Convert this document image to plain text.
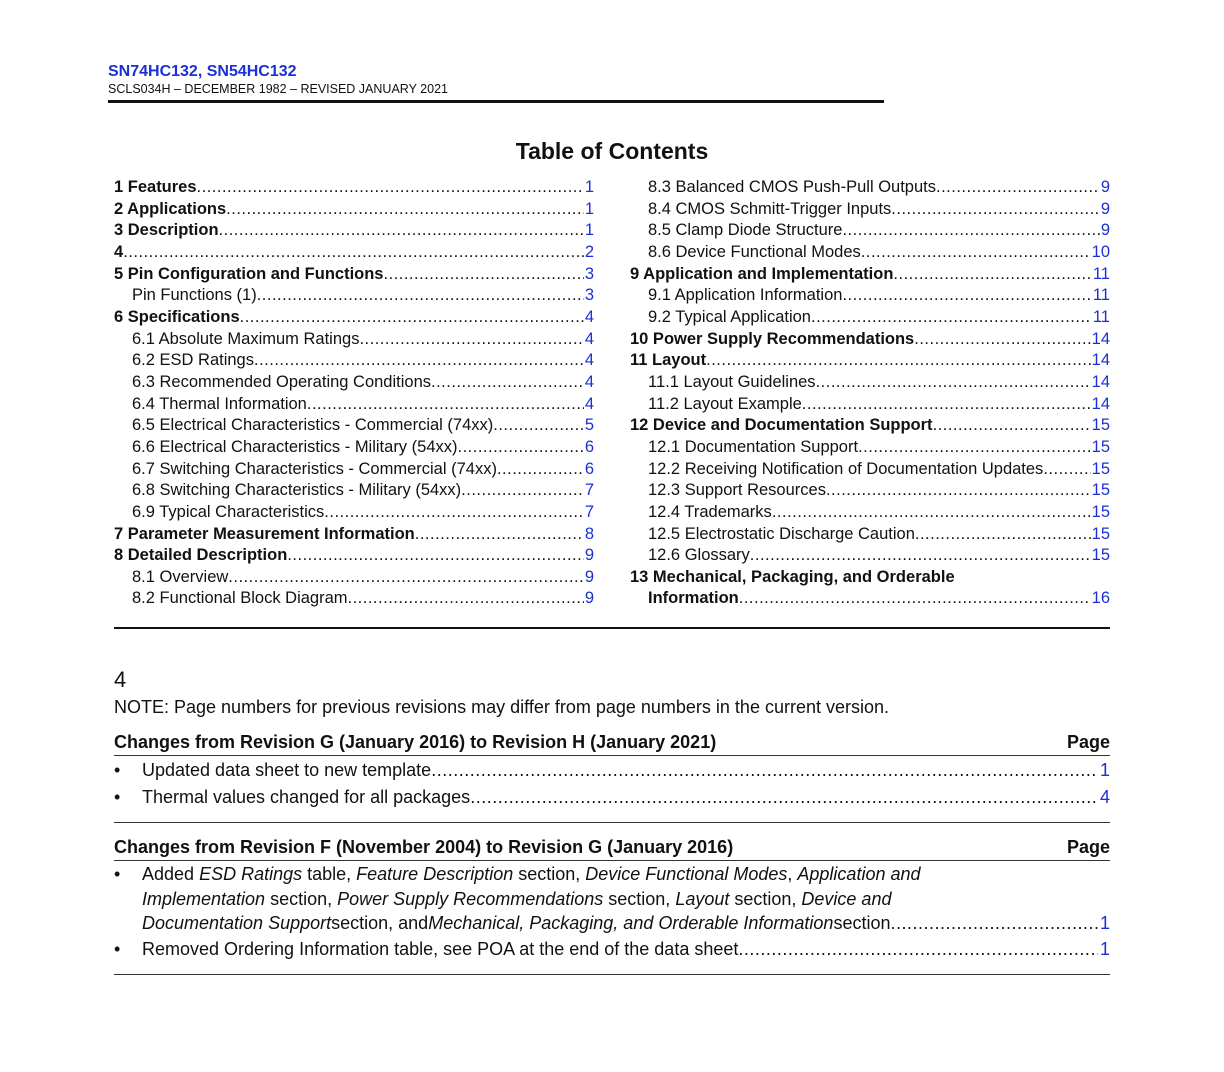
SN74HC132, SN54HC132
SCLS034H – DECEMBER 1982 – REVISED JANUARY 2021
Table of Contents
1 Features .....	1
2 Applications .....	1
3 Description .....	1
4 .....	2
5 Pin Configuration and Functions .....	3
Pin Functions (1) .....	3
6 Specifications .....	4
6.1 Absolute Maximum Ratings .....	4
6.2 ESD Ratings .....	4
6.3 Recommended Operating Conditions .....	4
6.4 Thermal Information .....	4
6.5 Electrical Characteristics - Commercial (74xx) .....	5
6.6 Electrical Characteristics - Military (54xx) .....	6
6.7 Switching Characteristics - Commercial (74xx) .....	6
6.8 Switching Characteristics - Military (54xx) .....	7
6.9 Typical Characteristics .....	7
7 Parameter Measurement Information .....	8
8 Detailed Description .....	9
8.1 Overview .....	9
8.2 Functional Block Diagram .....	9
8.3 Balanced CMOS Push-Pull Outputs .....	9
8.4 CMOS Schmitt-Trigger Inputs .....	9
8.5 Clamp Diode Structure .....	9
8.6 Device Functional Modes .....	10
9 Application and Implementation .....	11
9.1 Application Information .....	11
9.2 Typical Application .....	11
10 Power Supply Recommendations .....	14
11 Layout .....	14
11.1 Layout Guidelines .....	14
11.2 Layout Example .....	14
12 Device and Documentation Support .....	15
12.1 Documentation Support .....	15
12.2 Receiving Notification of Documentation Updates .....	15
12.3 Support Resources .....	15
12.4 Trademarks .....	15
12.5 Electrostatic Discharge Caution .....	15
12.6 Glossary .....	15
13 Mechanical, Packaging, and Orderable
Information .....	16
4
NOTE: Page numbers for previous revisions may differ from page numbers in the current version.
Changes from Revision G (January 2016) to Revision H (January 2021)	Page
• Updated data sheet to new template .....	1
• Thermal values changed for all packages .....	4
Changes from Revision F (November 2004) to Revision G (January 2016)	Page
• Added ESD Ratings table, Feature Description section, Device Functional Modes, Application and
Implementation section, Power Supply Recommendations section, Layout section, Device and
Documentation Support section, and Mechanical, Packaging, and Orderable Information section .....	1
• Removed Ordering Information table, see POA at the end of the data sheet .....	1
